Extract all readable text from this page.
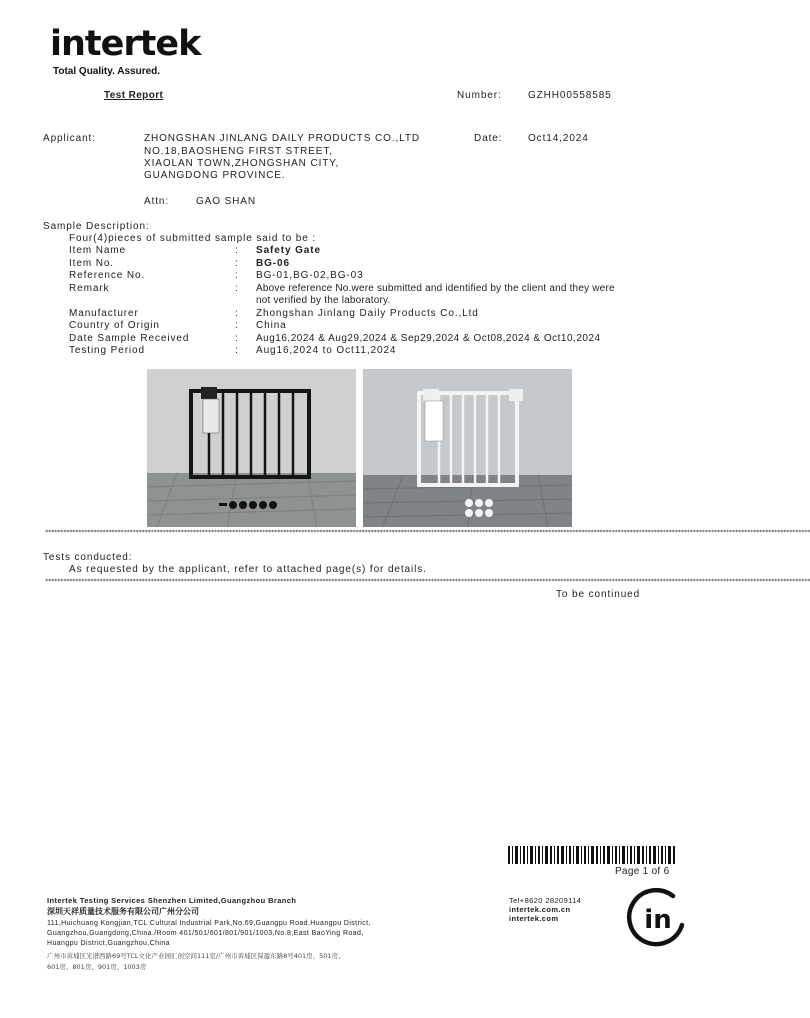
intertek
Total Quality. Assured.
Test Report	Number:	GZHH00558585
Applicant:	ZHONGSHAN JINLANG DAILY PRODUCTS CO.,LTD
NO.18,BAOSHENG FIRST STREET,
XIAOLAN TOWN,ZHONGSHAN CITY,
GUANGDONG PROVINCE.
Date:	Oct14,2024
Attn:	GAO SHAN
Sample Description:
Four(4)pieces of submitted sample said to be :
Item Name	: Safety Gate
Item No.	: BG-06
Reference No.	: BG-01,BG-02,BG-03
Remark	: Above reference No.were submitted and identified by the client and they were
not verified by the laboratory.
Manufacturer	: Zhongshan Jinlang Daily Products Co.,Ltd
Country of Origin	: China
Date Sample Received	: Aug16,2024 & Aug29,2024 & Sep29,2024 & Oct08,2024 & Oct10,2024
Testing Period	: Aug16,2024 to Oct11,2024
**************************************************************************************************************************************************************************************************************************************************************
Tests conducted:
As requested by the applicant, refer to attached page(s) for details.
**************************************************************************************************************************************************************************************************************************************************************
To be continued
Page 1 of 6
Intertek Testing Services Shenzhen Limited,Guangzhou Branch
深圳天祥质量技术服务有限公司广州分公司
111,Huichuang Kongjian,TCL Cultural Industrial Park,No.69,Guangpu Road,Huangpu District,
Guangzhou,Guangdong,China./Room 401/501/601/801/901/1003,No.8,East BaoYing Road,
Huangpu District,Guangzhou,China
广州市黄埔区光谱西路69号TCL文化产业园汇创空间111室/广州市黄埔区保盈东路8号401房、501房、
601房、801房、901房、1003房
Tel+8620 28209114
intertek.com.cn
intertek.com	in
